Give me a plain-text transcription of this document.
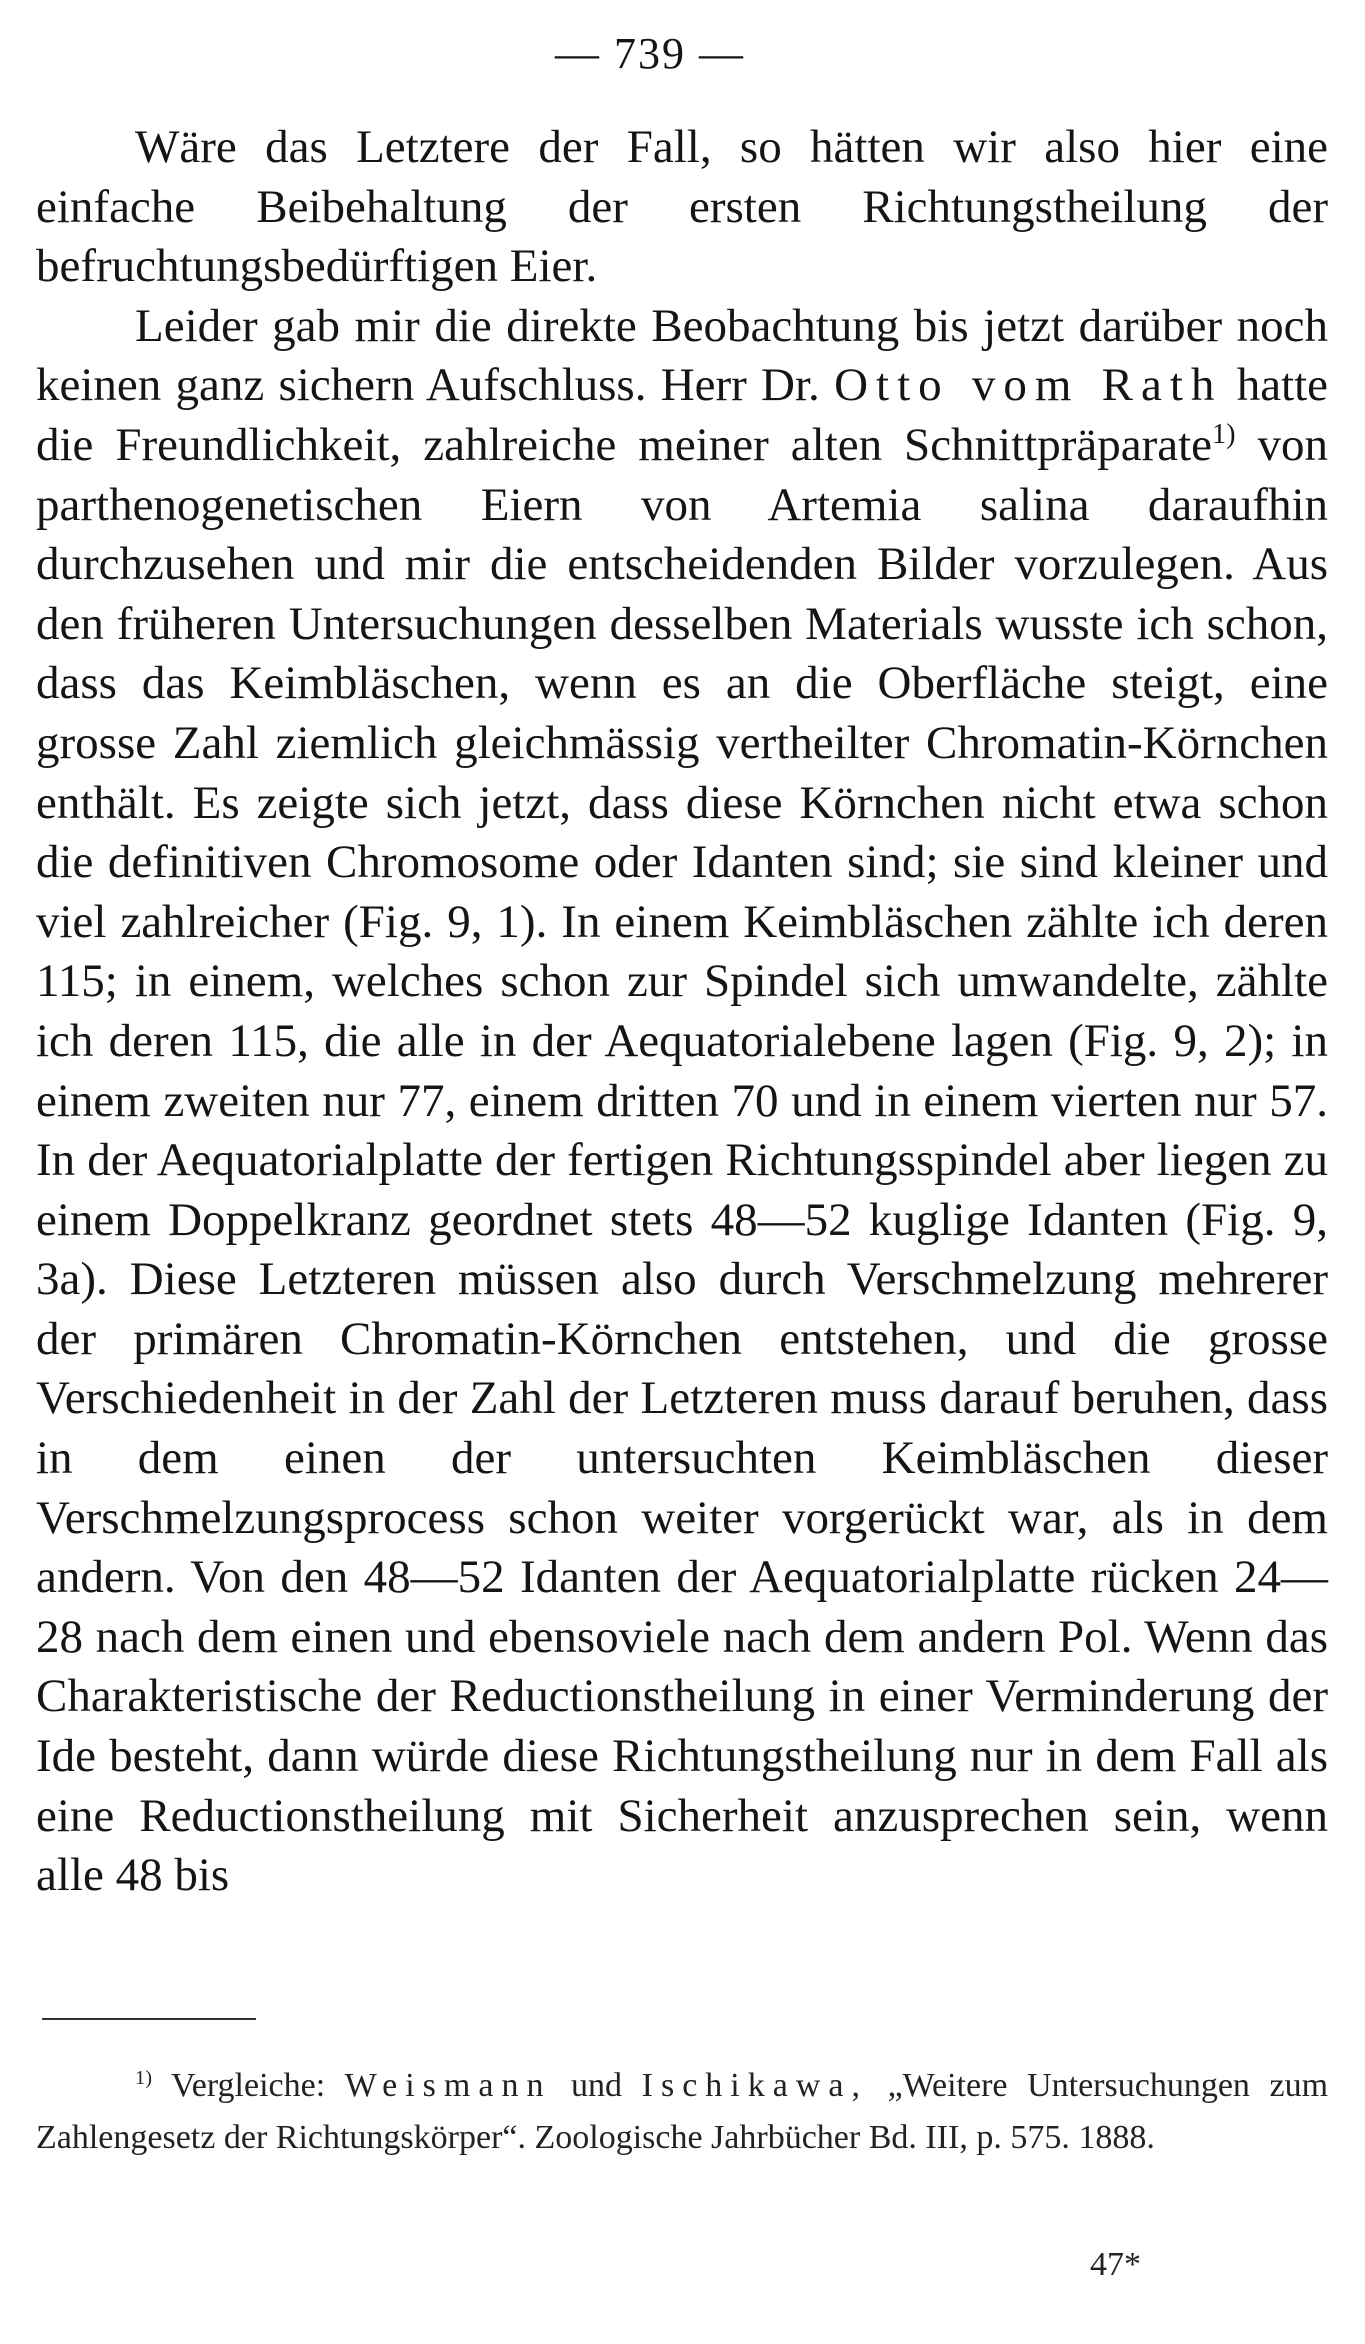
— 739 —

Wäre das Letztere der Fall, so hätten wir also hier eine einfache Beibehaltung der ersten Richtungstheilung der befruchtungsbedürftigen Eier.

Leider gab mir die direkte Beobachtung bis jetzt darüber noch keinen ganz sichern Aufschluss. Herr Dr. Otto vom Rath hatte die Freundlichkeit, zahlreiche meiner alten Schnittpräparate$^{1)}$ von parthenogenetischen Eiern von Artemia salina daraufhin durchzusehen und mir die entscheidenden Bilder vorzulegen. Aus den früheren Untersuchungen desselben Materials wusste ich schon, dass das Keimbläschen, wenn es an die Oberfläche steigt, eine grosse Zahl ziemlich gleichmässig vertheilter Chromatin-Körnchen enthält. Es zeigte sich jetzt, dass diese Körnchen nicht etwa schon die definitiven Chromosome oder Idanten sind; sie sind kleiner und viel zahlreicher (Fig. 9, 1). In einem Keimbläschen zählte ich deren 115; in einem, welches schon zur Spindel sich umwandelte, zählte ich deren 115, die alle in der Aequatorialebene lagen (Fig. 9, 2); in einem zweiten nur 77, einem dritten 70 und in einem vierten nur 57. In der Aequatorialplatte der fertigen Richtungsspindel aber liegen zu einem Doppelkranz geordnet stets 48—52 kuglige Idanten (Fig. 9, 3a). Diese Letzteren müssen also durch Verschmelzung mehrerer der primären Chromatin-Körnchen entstehen, und die grosse Verschiedenheit in der Zahl der Letzteren muss darauf beruhen, dass in dem einen der untersuchten Keimbläschen dieser Verschmelzungsprocess schon weiter vorgerückt war, als in dem andern. Von den 48—52 Idanten der Aequatorialplatte rücken 24—28 nach dem einen und ebensoviele nach dem andern Pol. Wenn das Charakteristische der Reductionstheilung in einer Verminderung der Ide besteht, dann würde diese Richtungstheilung nur in dem Fall als eine Reductionstheilung mit Sicherheit anzusprechen sein, wenn alle 48 bis

$^{1)}$ Vergleiche: Weismann und Ischikawa, „Weitere Untersuchungen zum Zahlengesetz der Richtungskörper“. Zoologische Jahrbücher Bd. III, p. 575. 1888.
47*
